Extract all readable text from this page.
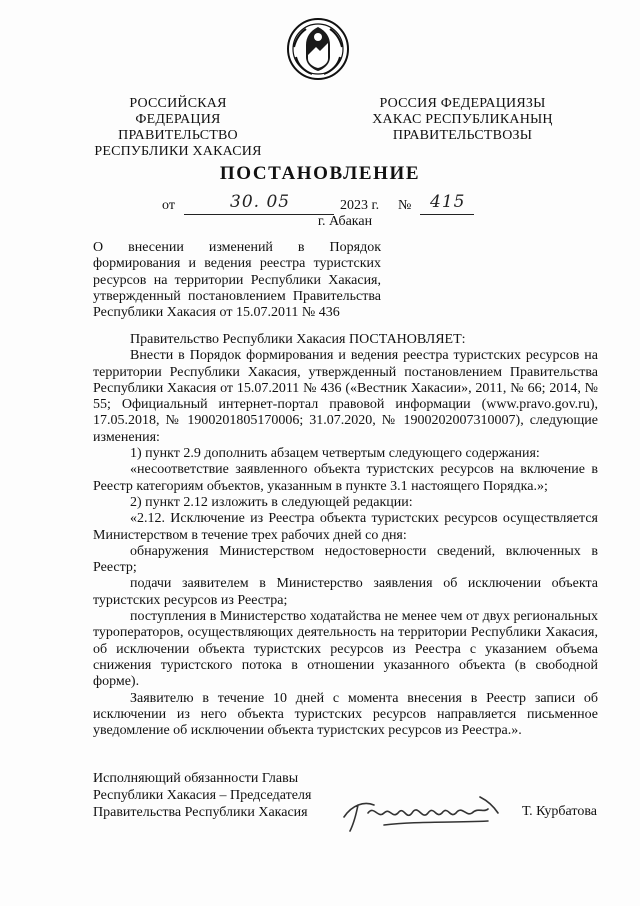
РОССИЙСКАЯ ФЕДЕРАЦИЯ
ПРАВИТЕЛЬСТВО
РЕСПУБЛИКИ ХАКАСИЯ
РОССИЯ ФЕДЕРАЦИЯЗЫ
ХАКАС РЕСПУБЛИКАНЫҢ
ПРАВИТЕЛЬСТВОЗЫ
ПОСТАНОВЛЕНИЕ
от	30. 05	2023 г. № 415
г. Абакан
О внесении изменений в Порядок формирования и ведения реестра туристских ресурсов на территории Республики Хакасия, утвержденный постановлением Правительства Республики Хакасия от 15.07.2011 № 436

Правительство Республики Хакасия ПОСТАНОВЛЯЕТ:

Внести в Порядок формирования и ведения реестра туристских ресурсов на территории Республики Хакасия, утвержденный постановлением Правительства Республики Хакасия от 15.07.2011 № 436 («Вестник Хакасии», 2011, № 66; 2014, № 55; Официальный интернет-портал правовой информации (www.pravo.gov.ru), 17.05.2018, № 1900201805170006; 31.07.2020, № 1900202007310007), следующие изменения:

1) пункт 2.9 дополнить абзацем четвертым следующего содержания:

«несоответствие заявленного объекта туристских ресурсов на включение в Реестр категориям объектов, указанным в пункте 3.1 настоящего Порядка.»;

2) пункт 2.12 изложить в следующей редакции:

«2.12. Исключение из Реестра объекта туристских ресурсов осуществляется Министерством в течение трех рабочих дней со дня:

обнаружения Министерством недостоверности сведений, включенных в Реестр;

подачи заявителем в Министерство заявления об исключении объекта туристских ресурсов из Реестра;

поступления в Министерство ходатайства не менее чем от двух региональных туроператоров, осуществляющих деятельность на территории Республики Хакасия, об исключении объекта туристских ресурсов из Реестра с указанием объема снижения туристского потока в отношении указанного объекта (в свободной форме).

Заявителю в течение 10 дней с момента внесения в Реестр записи об исключении из него объекта туристских ресурсов направляется письменное уведомление об исключении объекта туристских ресурсов из Реестра.».

Исполняющий обязанности Главы
Республики Хакасия – Председателя
Правительства Республики Хакасия	Т. Курбатова
